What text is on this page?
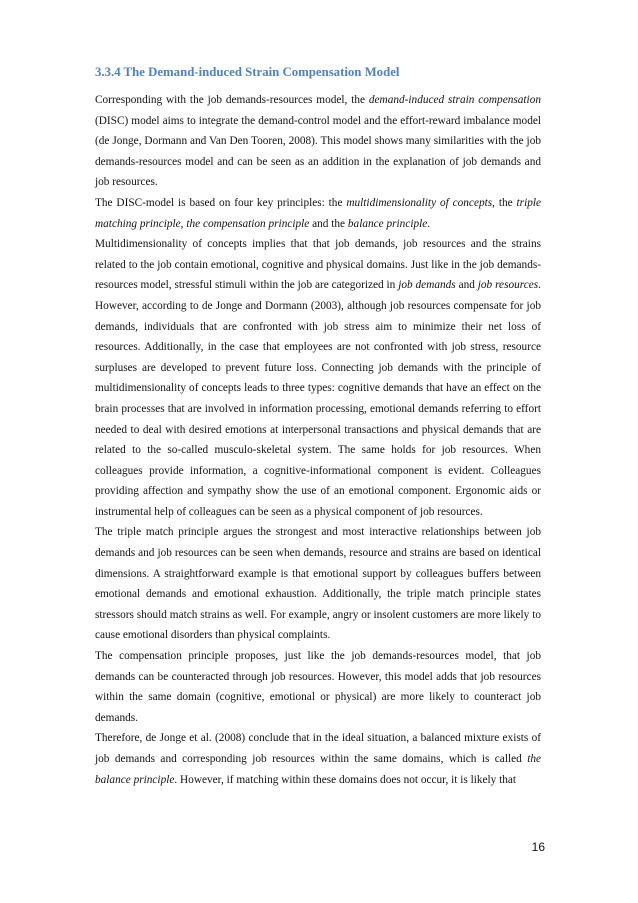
3.3.4 The Demand-induced Strain Compensation Model

Corresponding with the job demands-resources model, the demand-induced strain compensation (DISC) model aims to integrate the demand-control model and the effort-reward imbalance model (de Jonge, Dormann and Van Den Tooren, 2008). This model shows many similarities with the job demands-resources model and can be seen as an addition in the explanation of job demands and job resources.

The DISC-model is based on four key principles: the multidimensionality of concepts, the triple matching principle, the compensation principle and the balance principle.

Multidimensionality of concepts implies that that job demands, job resources and the strains related to the job contain emotional, cognitive and physical domains. Just like in the job demands-resources model, stressful stimuli within the job are categorized in job demands and job resources. However, according to de Jonge and Dormann (2003), although job resources compensate for job demands, individuals that are confronted with job stress aim to minimize their net loss of resources. Additionally, in the case that employees are not confronted with job stress, resource surpluses are developed to prevent future loss. Connecting job demands with the principle of multidimensionality of concepts leads to three types: cognitive demands that have an effect on the brain processes that are involved in information processing, emotional demands referring to effort needed to deal with desired emotions at interpersonal transactions and physical demands that are related to the so-called musculo-skeletal system. The same holds for job resources. When colleagues provide information, a cognitive-informational component is evident. Colleagues providing affection and sympathy show the use of an emotional component. Ergonomic aids or instrumental help of colleagues can be seen as a physical component of job resources.

The triple match principle argues the strongest and most interactive relationships between job demands and job resources can be seen when demands, resource and strains are based on identical dimensions. A straightforward example is that emotional support by colleagues buffers between emotional demands and emotional exhaustion. Additionally, the triple match principle states stressors should match strains as well. For example, angry or insolent customers are more likely to cause emotional disorders than physical complaints.

The compensation principle proposes, just like the job demands-resources model, that job demands can be counteracted through job resources. However, this model adds that job resources within the same domain (cognitive, emotional or physical) are more likely to counteract job demands.

Therefore, de Jonge et al. (2008) conclude that in the ideal situation, a balanced mixture exists of job demands and corresponding job resources within the same domains, which is called the balance principle. However, if matching within these domains does not occur, it is likely that

16
